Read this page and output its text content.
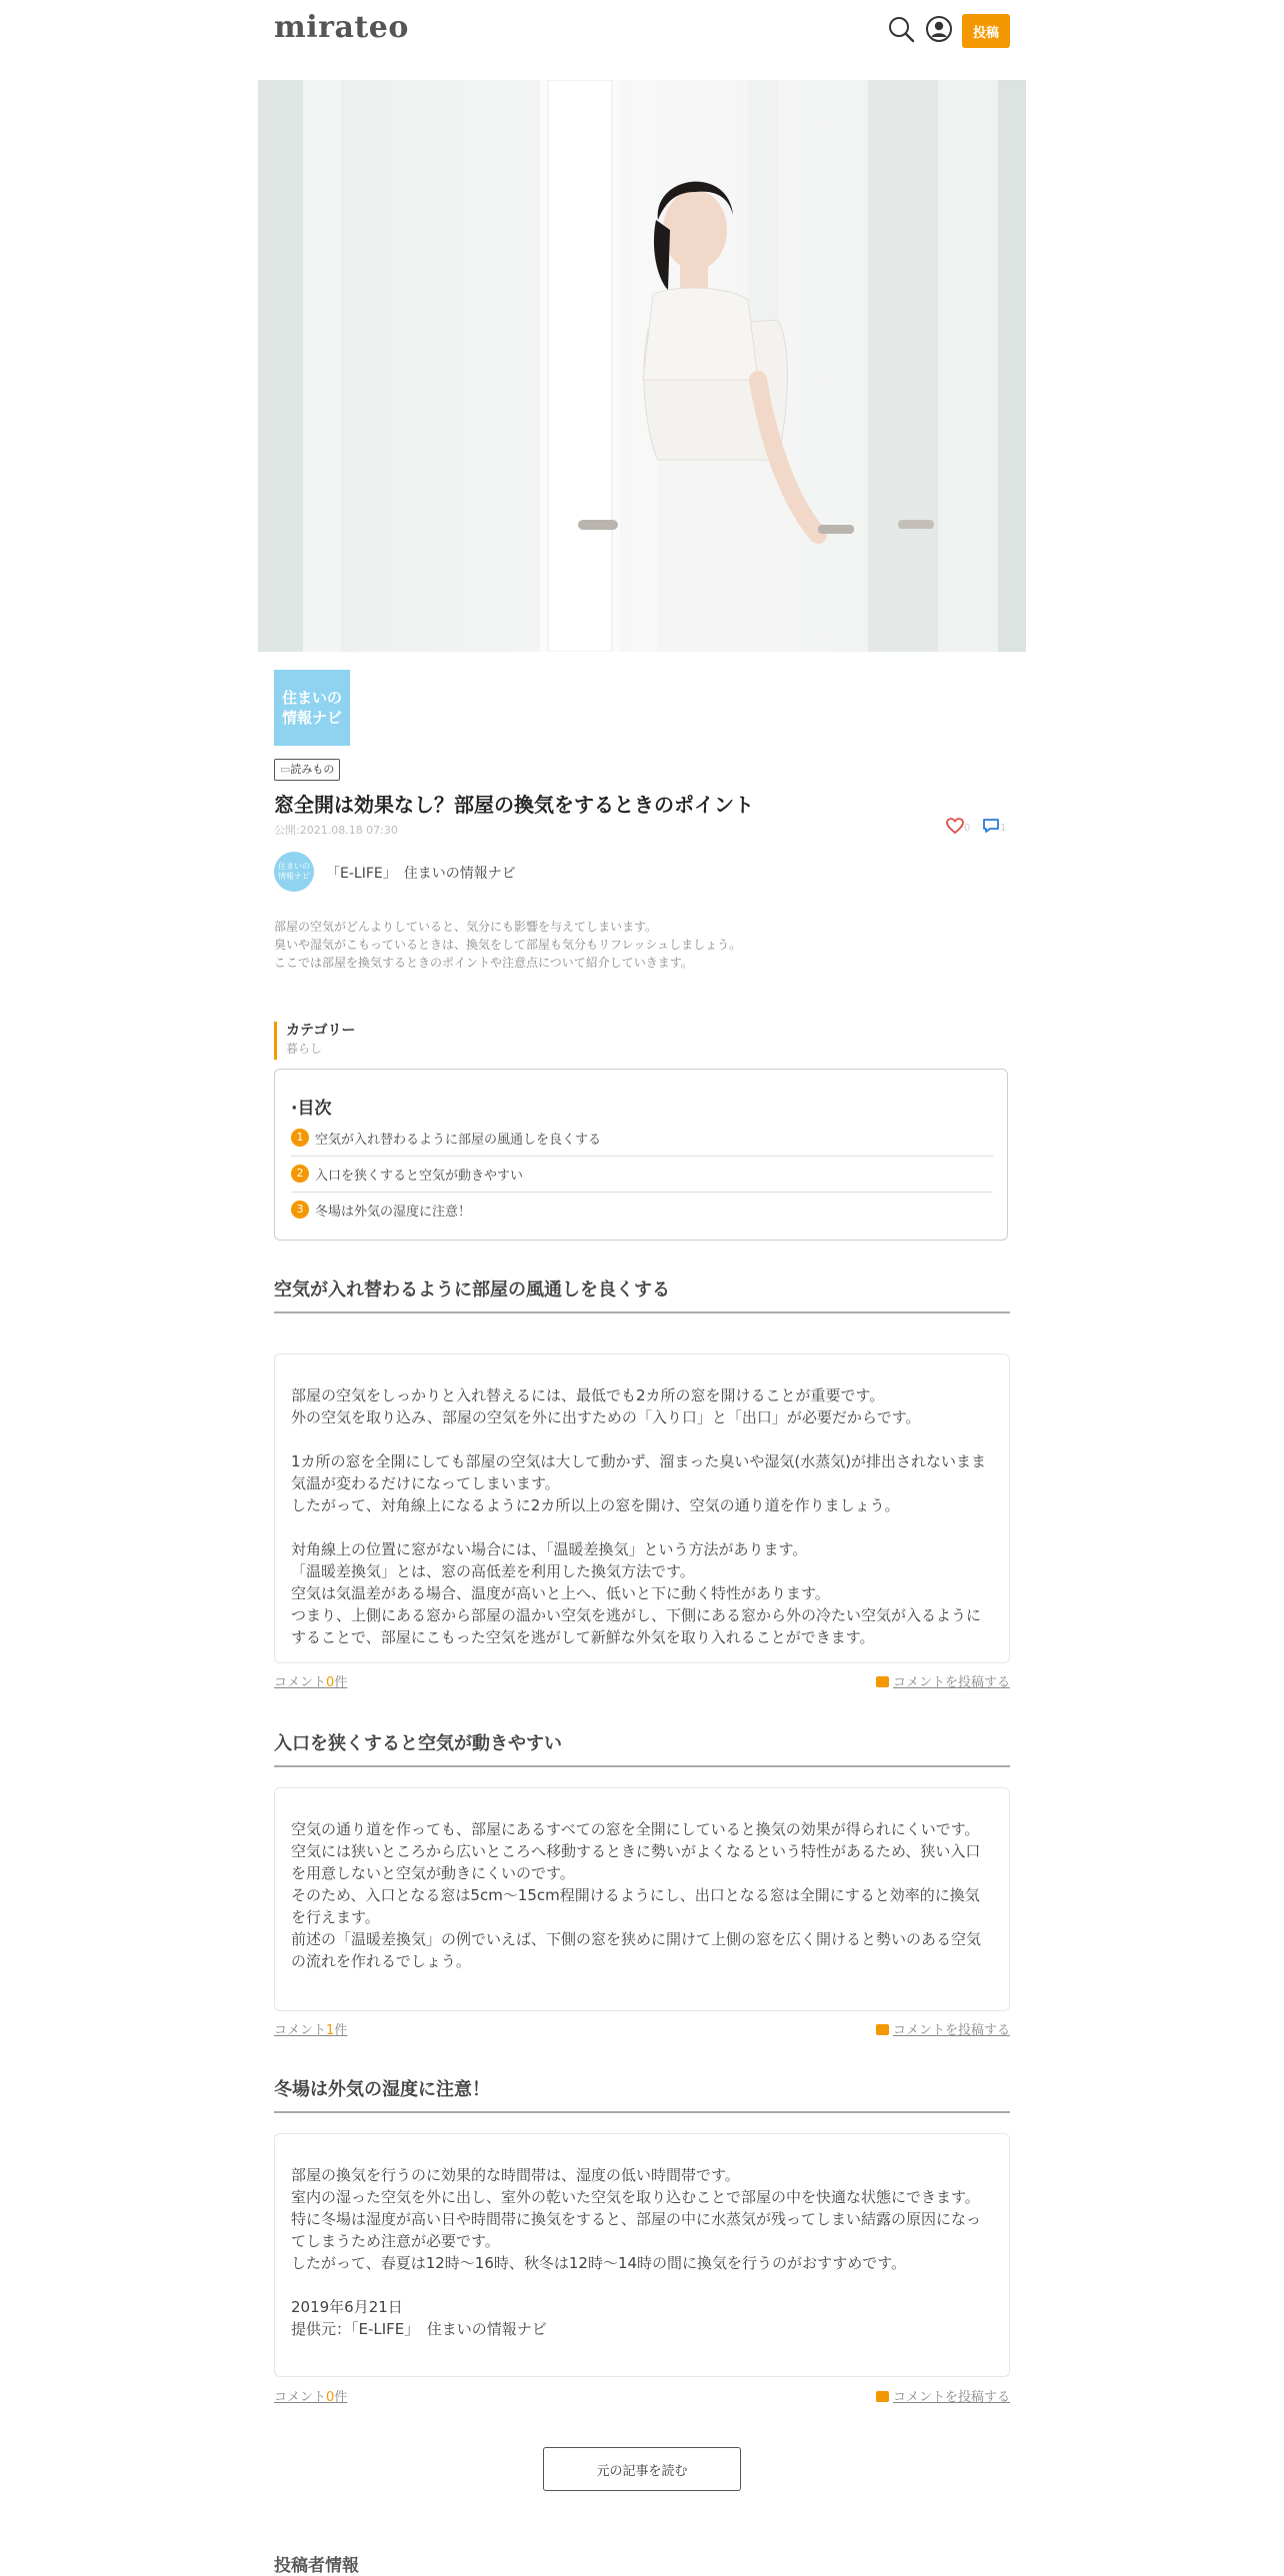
mirateo	投稿
住まいの
情報ナビ
▭読みもの
窓全開は効果なし？部屋の換気をするときのポイント
公開:2021.08.18 07:30	0	1
住まいの
情報ナビ 「E-LIFE」　住まいの情報ナビ
部屋の空気がどんよりしていると、気分にも影響を与えてしまいます。
臭いや湿気がこもっているときは、換気をして部屋も気分もリフレッシュしましょう。
ここでは部屋を換気するときのポイントや注意点について紹介していきます。
カテゴリー
暮らし
·目次
1 空気が入れ替わるように部屋の風通しを良くする
2 入口を狭くすると空気が動きやすい
3 冬場は外気の湿度に注意！
空気が入れ替わるように部屋の風通しを良くする

部屋の空気をしっかりと入れ替えるには、最低でも2カ所の窓を開けることが重要です。
外の空気を取り込み、部屋の空気を外に出すための「入り口」と「出口」が必要だからです。

1カ所の窓を全開にしても部屋の空気は大して動かず、溜まった臭いや湿気(水蒸気)が排出されないまま気温が変わるだけになってしまいます。
したがって、対角線上になるように2カ所以上の窓を開け、空気の通り道を作りましょう。

対角線上の位置に窓がない場合には、「温暖差換気」という方法があります。
「温暖差換気」とは、窓の高低差を利用した換気方法です。
空気は気温差がある場合、温度が高いと上へ、低いと下に動く特性があります。
つまり、上側にある窓から部屋の温かい空気を逃がし、下側にある窓から外の冷たい空気が入るようにすることで、部屋にこもった空気を逃がして新鮮な外気を取り入れることができます。

コメント0件	コメントを投稿する
入口を狭くすると空気が動きやすい

空気の通り道を作っても、部屋にあるすべての窓を全開にしていると換気の効果が得られにくいです。
空気には狭いところから広いところへ移動するときに勢いがよくなるという特性があるため、狭い入口を用意しないと空気が動きにくいのです。
そのため、入口となる窓は5cm～15cm程開けるようにし、出口となる窓は全開にすると効率的に換気を行えます。
前述の「温暖差換気」の例でいえば、下側の窓を狭めに開けて上側の窓を広く開けると勢いのある空気の流れを作れるでしょう。

コメント1件	コメントを投稿する
冬場は外気の湿度に注意！

部屋の換気を行うのに効果的な時間帯は、湿度の低い時間帯です。
室内の湿った空気を外に出し、室外の乾いた空気を取り込むことで部屋の中を快適な状態にできます。
特に冬場は湿度が高い日や時間帯に換気をすると、部屋の中に水蒸気が残ってしまい結露の原因になってしまうため注意が必要です。
したがって、春夏は12時～16時、秋冬は12時～14時の間に換気を行うのがおすすめです。

2019年6月21日
提供元：「E-LIFE」　住まいの情報ナビ

コメント0件	コメントを投稿する
元の記事を読む
投稿者情報
